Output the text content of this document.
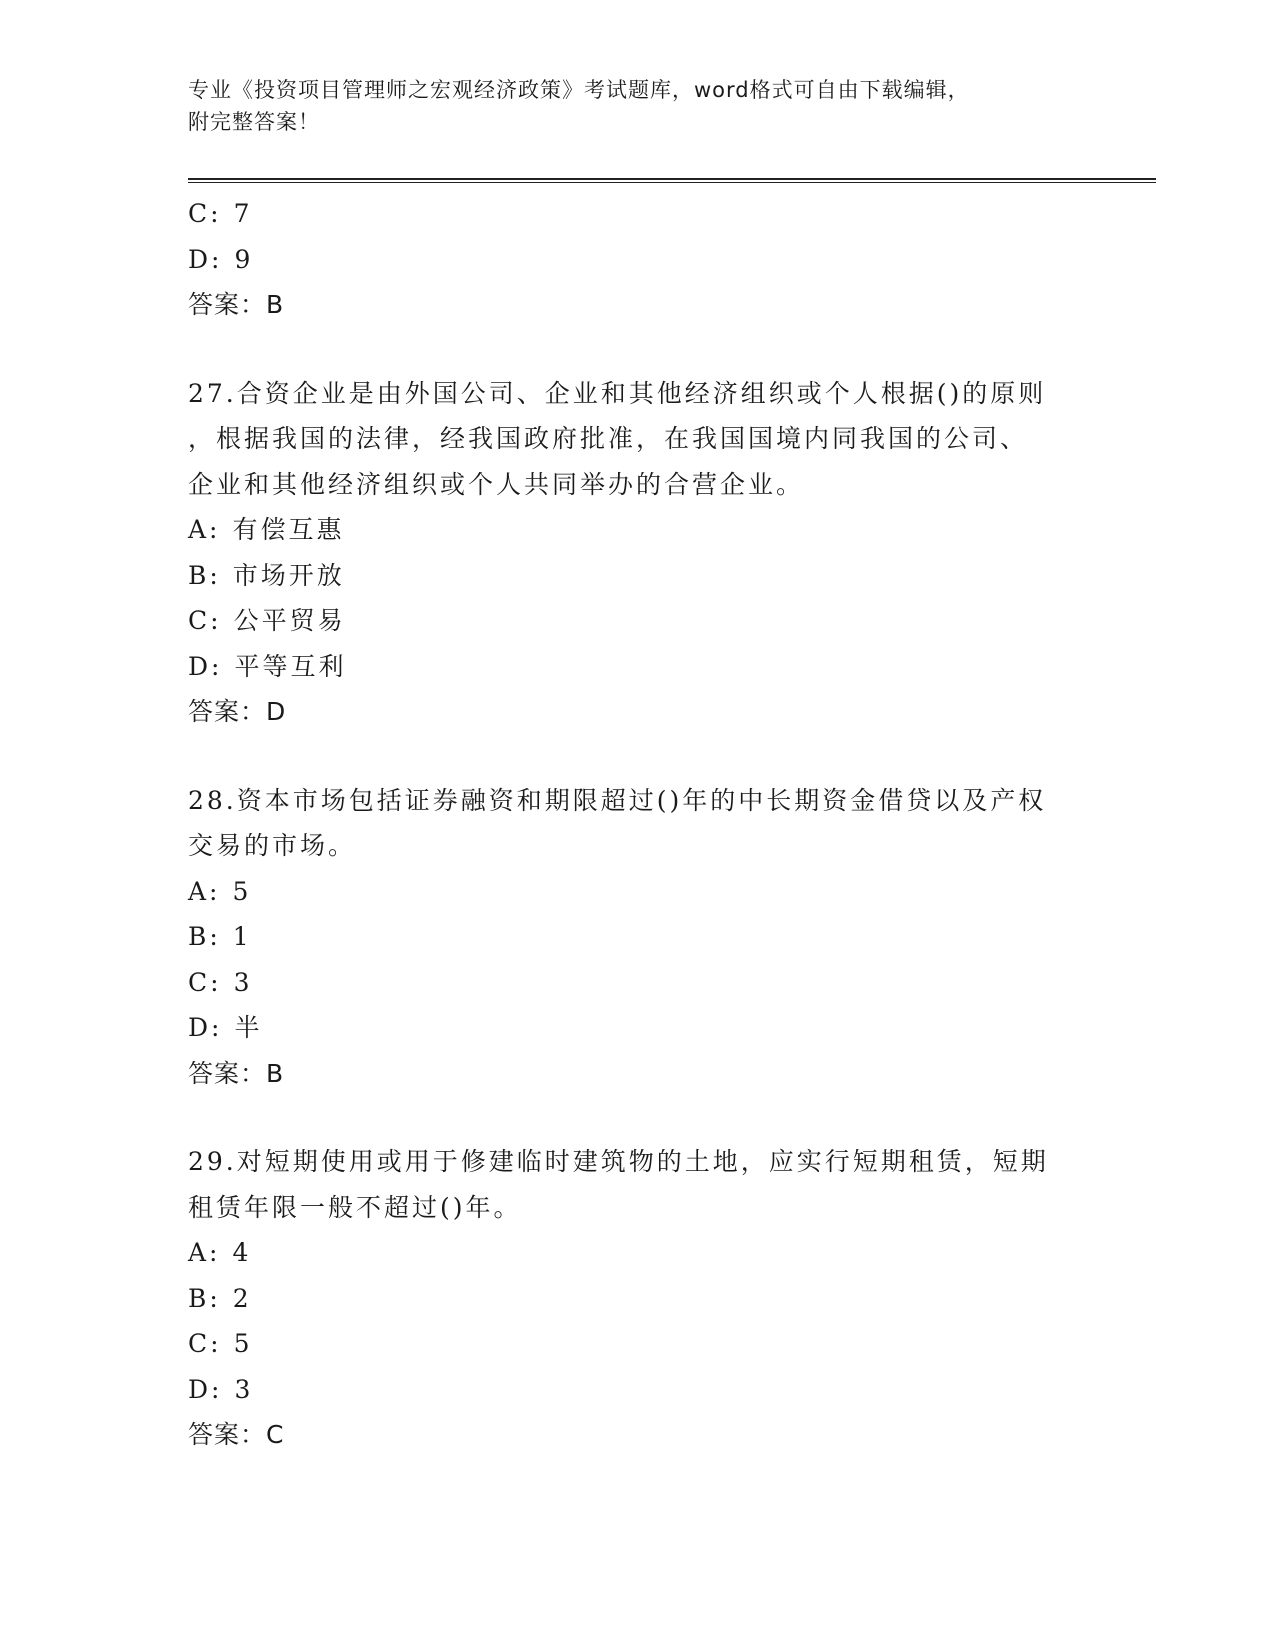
专业《投资项目管理师之宏观经济政策》考试题库，word格式可自由下载编辑，
附完整答案！
C: 7
D: 9
答案：B
27.合资企业是由外国公司、企业和其他经济组织或个人根据()的原则
，根据我国的法律，经我国政府批准，在我国国境内同我国的公司、
企业和其他经济组织或个人共同举办的合营企业。
A: 有偿互惠
B: 市场开放
C: 公平贸易
D: 平等互利
答案：D
28.资本市场包括证券融资和期限超过()年的中长期资金借贷以及产权
交易的市场。
A: 5
B: 1
C: 3
D: 半
答案：B
29.对短期使用或用于修建临时建筑物的土地，应实行短期租赁，短期
租赁年限一般不超过()年。
A: 4
B: 2
C: 5
D: 3
答案：C
